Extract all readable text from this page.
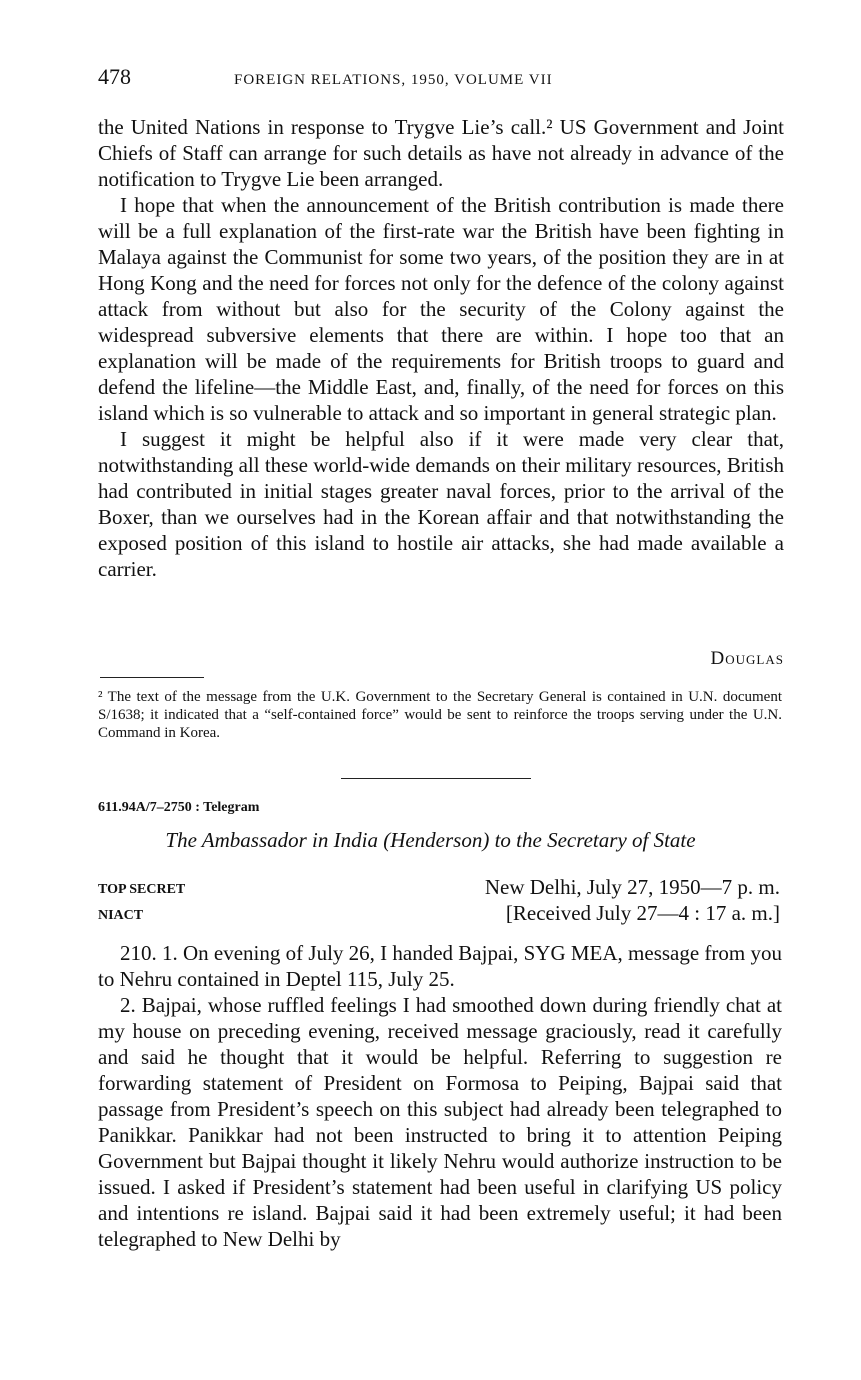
478	FOREIGN RELATIONS, 1950, VOLUME VII

the United Nations in response to Trygve Lie’s call.² US Government and Joint Chiefs of Staff can arrange for such details as have not already in advance of the notification to Trygve Lie been arranged.

I hope that when the announcement of the British contribution is made there will be a full explanation of the first-rate war the British have been fighting in Malaya against the Communist for some two years, of the position they are in at Hong Kong and the need for forces not only for the defence of the colony against attack from without but also for the security of the Colony against the widespread subversive elements that there are within. I hope too that an explanation will be made of the requirements for British troops to guard and defend the lifeline—the Middle East, and, finally, of the need for forces on this island which is so vulnerable to attack and so important in general strategic plan.

I suggest it might be helpful also if it were made very clear that, notwithstanding all these world-wide demands on their military resources, British had contributed in initial stages greater naval forces, prior to the arrival of the Boxer, than we ourselves had in the Korean affair and that notwithstanding the exposed position of this island to hostile air attacks, she had made available a carrier.

Douglas
² The text of the message from the U.K. Government to the Secretary General is contained in U.N. document S/1638; it indicated that a “self-contained force” would be sent to reinforce the troops serving under the U.N. Command in Korea.
611.94A/7–2750 : Telegram
The Ambassador in India (Henderson) to the Secretary of State
TOP SECRET
NIACT
New Delhi, July 27, 1950—7 p. m.
[Received July 27—4 : 17 a. m.]

210. 1. On evening of July 26, I handed Bajpai, SYG MEA, message from you to Nehru contained in Deptel 115, July 25.

2. Bajpai, whose ruffled feelings I had smoothed down during friendly chat at my house on preceding evening, received message graciously, read it carefully and said he thought that it would be helpful. Referring to suggestion re forwarding statement of President on Formosa to Peiping, Bajpai said that passage from President’s speech on this subject had already been telegraphed to Panikkar. Panikkar had not been instructed to bring it to attention Peiping Government but Bajpai thought it likely Nehru would authorize instruction to be issued. I asked if President’s statement had been useful in clarifying US policy and intentions re island. Bajpai said it had been extremely useful; it had been telegraphed to New Delhi by
